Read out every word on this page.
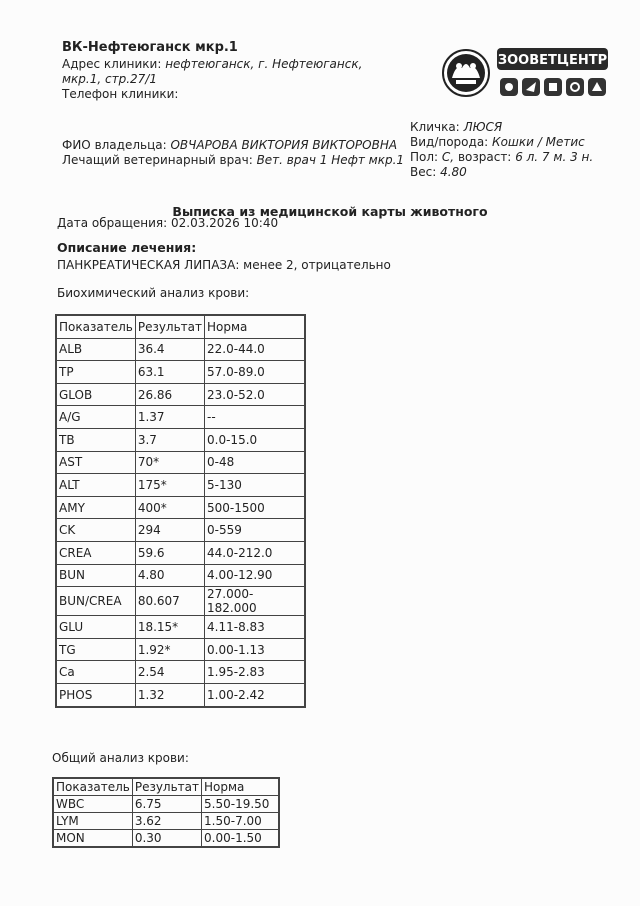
ВК-Нефтеюганск мкр.1
Адрес клиники: нефтеюганск, г. Нефтеюганск,
мкр.1, стр.27/1
Телефон клиники:
ЗООВЕТЦЕНТР
ФИО владельца: ОВЧАРОВА ВИКТОРИЯ ВИКТОРОВНА
Лечащий ветеринарный врач: Вет. врач 1 Нефт мкр.1
Кличка: ЛЮСЯ
Вид/порода: Кошки / Метис
Пол: С, возраст: 6 л. 7 м. 3 н.
Вес: 4.80
Выписка из медицинской карты животного
Дата обращения: 02.03.2026 10:40
Описание лечения:
ПАНКРЕАТИЧЕСКАЯ ЛИПАЗА: менее 2, отрицательно
Биохимический анализ крови:
Показатель	Результат	Норма
ALB	36.4	22.0-44.0
TP	63.1	57.0-89.0
GLOB	26.86	23.0-52.0
A/G	1.37	--
TB	3.7	0.0-15.0
AST	70*	0-48
ALT	175*	5-130
AMY	400*	500-1500
CK	294	0-559
CREA	59.6	44.0-212.0
BUN	4.80	4.00-12.90
BUN/CREA	80.607	27.000-182.000
GLU	18.15*	4.11-8.83
TG	1.92*	0.00-1.13
Ca	2.54	1.95-2.83
PHOS	1.32	1.00-2.42
Общий анализ крови:
Показатель	Результат	Норма
WBC	6.75	5.50-19.50
LYM	3.62	1.50-7.00
MON	0.30	0.00-1.50
